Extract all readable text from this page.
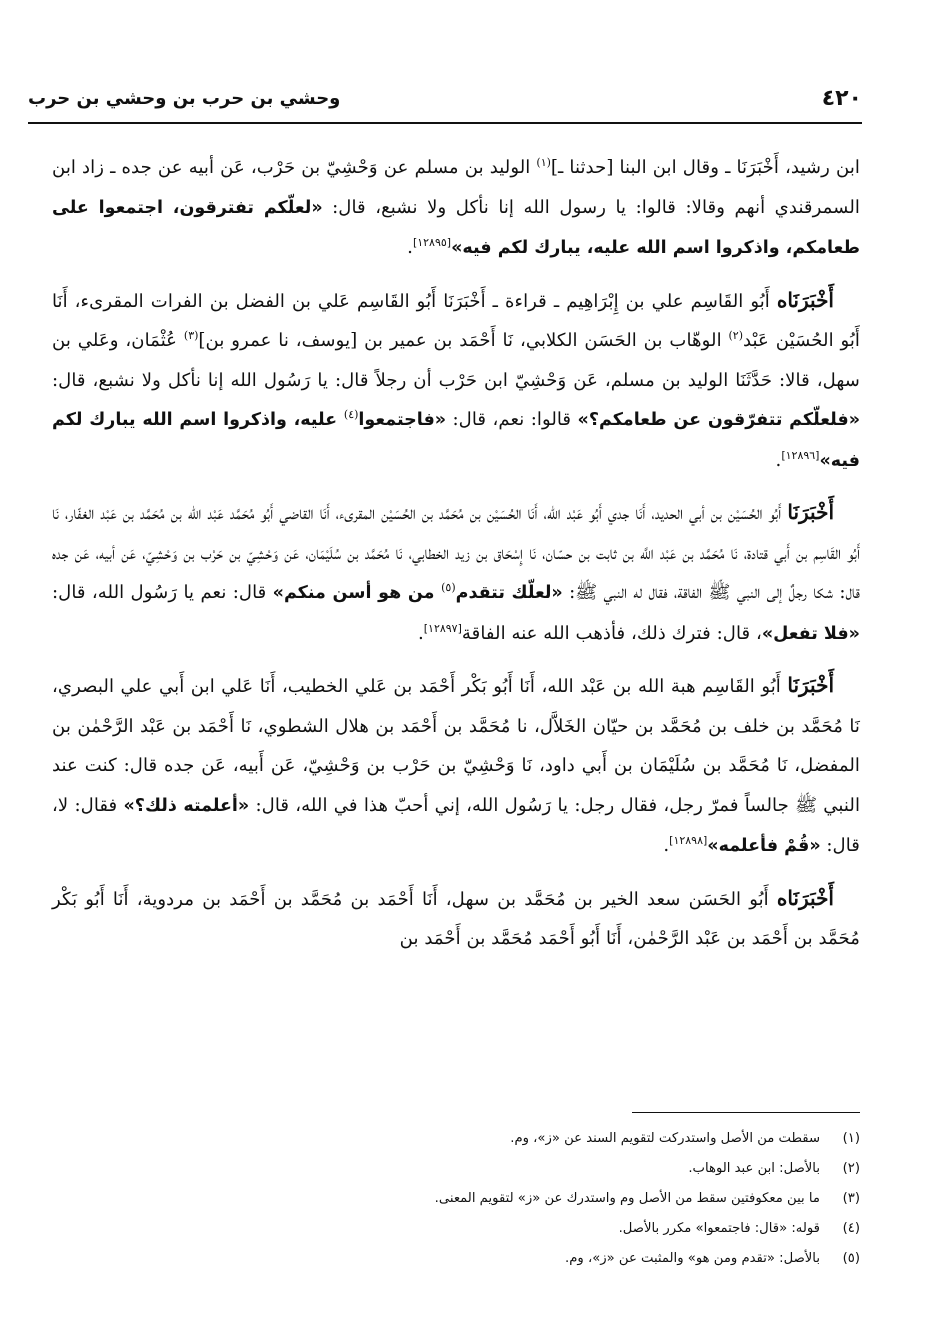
٤٢٠
وحشي بن حرب بن وحشي بن حرب

ابن رشيد، أَخْبَرَنَا ـ وقال ابن البنا [حدثنا ـ]$^{(١)}$ الوليد بن مسلم عن وَحْشِيّ بن حَرْب، عَن أبيه عن جده ـ زاد ابن السمرقندي أنهم وقالا: قالوا: يا رسول الله إنا نأكل ولا نشبع، قال: «لعلّكم تفترقون، اجتمعوا على طعامكم، واذكروا اسم الله عليه، يبارك لكم فيه»[١٢٨٩٥].

أَخْبَرَنَاه أَبُو القَاسِم علي بن إِبْرَاهِيم ـ قراءة ـ أَخْبَرَنَا أَبُو القَاسِم عَلي بن الفضل بن الفرات المقرىء، أَنَا أَبُو الحُسَيْن عَبْد$^{(٢)}$ الوهّاب بن الحَسَن الكلابي، نَا أَحْمَد بن عمير بن [يوسف، نا عمرو بن]$^{(٣)}$ عُثْمَان، وعَلي بن سهل، قالا: حَدَّثَنَا الوليد بن مسلم، عَن وَحْشِيّ ابن حَرْب أن رجلاً قال: يا رَسُول الله إنا نأكل ولا نشبع، قال: «فلعلّكم تتفرّقون عن طعامكم؟» قالوا: نعم، قال: «فاجتمعوا$^{(٤)}$ عليه، واذكروا اسم الله يبارك لكم فيه»[١٢٨٩٦].

أَخْبَرَنَا أَبُو الحُسَيْن بن أبي الحديد، أَنَا جدي أَبُو عَبْد الله، أَنَا الحُسَيْن بن مُحَمَّد بن الحُسَيْن المقرىء، أَنَا القاضي أَبُو مُحَمَّد عَبْد الله بن مُحَمَّد بن عَبْد الغفّار، نَا أَبُو القَاسِم بن أَبي قتادة، نَا مُحَمَّد بن عَبْد اللَّه بن ثابت بن حسّان، نَا إِسْحَاق بن زيد الخطابي، نَا مُحَمَّد بن سُلَيْمَان، عَن وَحْشِيّ بن حَرْب بن وَحْشِيّ، عَن أبيه، عَن جده قال: شكا رجلٌ إلى النبي ﷺ الفاقة، فقال له النبي ﷺ: «لعلّك تتقدم$^{(٥)}$ من هو أسن منكم» قال: نعم يا رَسُول الله، قال: «فلا تفعل»، قال: فترك ذلك، فأذهب الله عنه الفاقة[١٢٨٩٧].

أَخْبَرَنَا أَبُو القَاسِم هبة الله بن عَبْد الله، أَنَا أَبُو بَكْر أَحْمَد بن عَلي الخطيب، أَنَا عَلي ابن أَبي علي البصري، نَا مُحَمَّد بن خلف بن مُحَمَّد بن حيّان الخَلاَّل، نا مُحَمَّد بن أَحْمَد بن هلال الشطوي، نَا أَحْمَد بن عَبْد الرَّحْمٰن بن المفضل، نَا مُحَمَّد بن سُلَيْمَان بن أَبي داود، نَا وَحْشِيّ بن حَرْب بن وَحْشِيّ، عَن أَبيه، عَن جده قال: كنت عند النبي ﷺ جالساً فمرّ رجل، فقال رجل: يا رَسُول الله، إني أحبّ هذا في الله، قال: «أعلمته ذلك؟» فقال: لا، قال: «قُمْ فأعلمه»[١٢٨٩٨].

أَخْبَرَنَاه أَبُو الحَسَن سعد الخير بن مُحَمَّد بن سهل، أَنَا أَحْمَد بن مُحَمَّد بن أَحْمَد بن مردوية، أَنَا أَبُو بَكْر مُحَمَّد بن أَحْمَد بن عَبْد الرَّحْمٰن، أَنَا أَبُو أَحْمَد مُحَمَّد بن أَحْمَد بن

(١)
سقطت من الأصل واستدركت لتقويم السند عن «ز»، وم.
(٢)
بالأصل: ابن عبد الوهاب.
(٣)
ما بين معكوفتين سقط من الأصل وم واستدرك عن «ز» لتقويم المعنى.
(٤)
قوله: «قال: فاجتمعوا» مكرر بالأصل.
(٥)
بالأصل: «تقدم ومن هو» والمثبت عن «ز»، وم.
